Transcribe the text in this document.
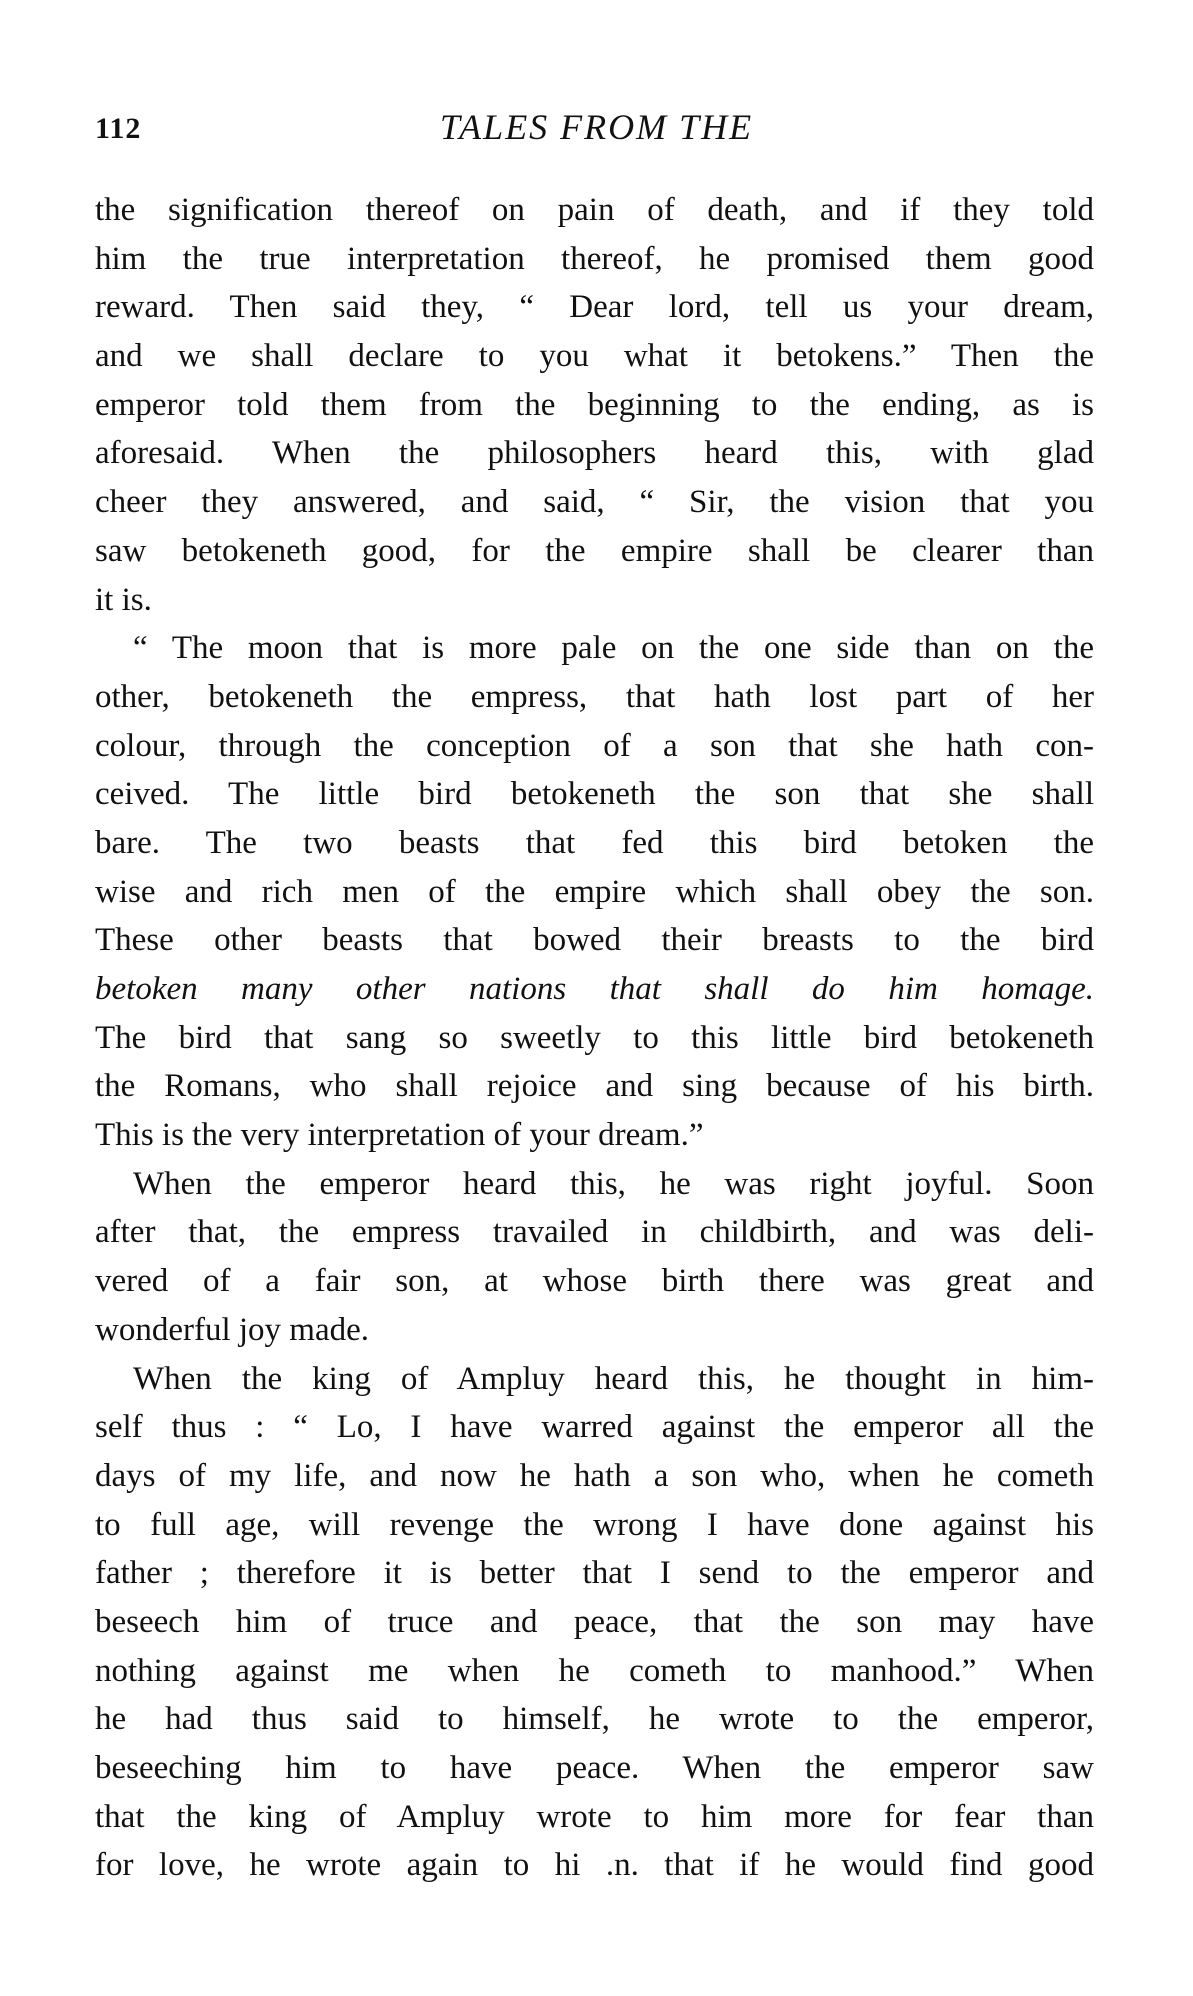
112	TALES FROM THE
the signification thereof on pain of death, and if they told
him the true interpretation thereof, he promised them good
reward. Then said they, “ Dear lord, tell us your dream,
and we shall declare to you what it betokens.” Then the
emperor told them from the beginning to the ending, as is
aforesaid. When the philosophers heard this, with glad
cheer they answered, and said, “ Sir, the vision that you
saw betokeneth good, for the empire shall be clearer than
it is.
“ The moon that is more pale on the one side than on the
other, betokeneth the empress, that hath lost part of her
colour, through the conception of a son that she hath con-
ceived. The little bird betokeneth the son that she shall
bare. The two beasts that fed this bird betoken the
wise and rich men of the empire which shall obey the son.
These other beasts that bowed their breasts to the bird
betoken many other nations that shall do him homage.
The bird that sang so sweetly to this little bird betokeneth
the Romans, who shall rejoice and sing because of his birth.
This is the very interpretation of your dream.”
When the emperor heard this, he was right joyful. Soon
after that, the empress travailed in childbirth, and was deli-
vered of a fair son, at whose birth there was great and
wonderful joy made.
When the king of Ampluy heard this, he thought in him-
self thus : “ Lo, I have warred against the emperor all the
days of my life, and now he hath a son who, when he cometh
to full age, will revenge the wrong I have done against his
father ; therefore it is better that I send to the emperor and
beseech him of truce and peace, that the son may have
nothing against me when he cometh to manhood.” When
he had thus said to himself, he wrote to the emperor,
beseeching him to have peace. When the emperor saw
that the king of Ampluy wrote to him more for fear than
for love, he wrote again to hi .n. that if he would find good
